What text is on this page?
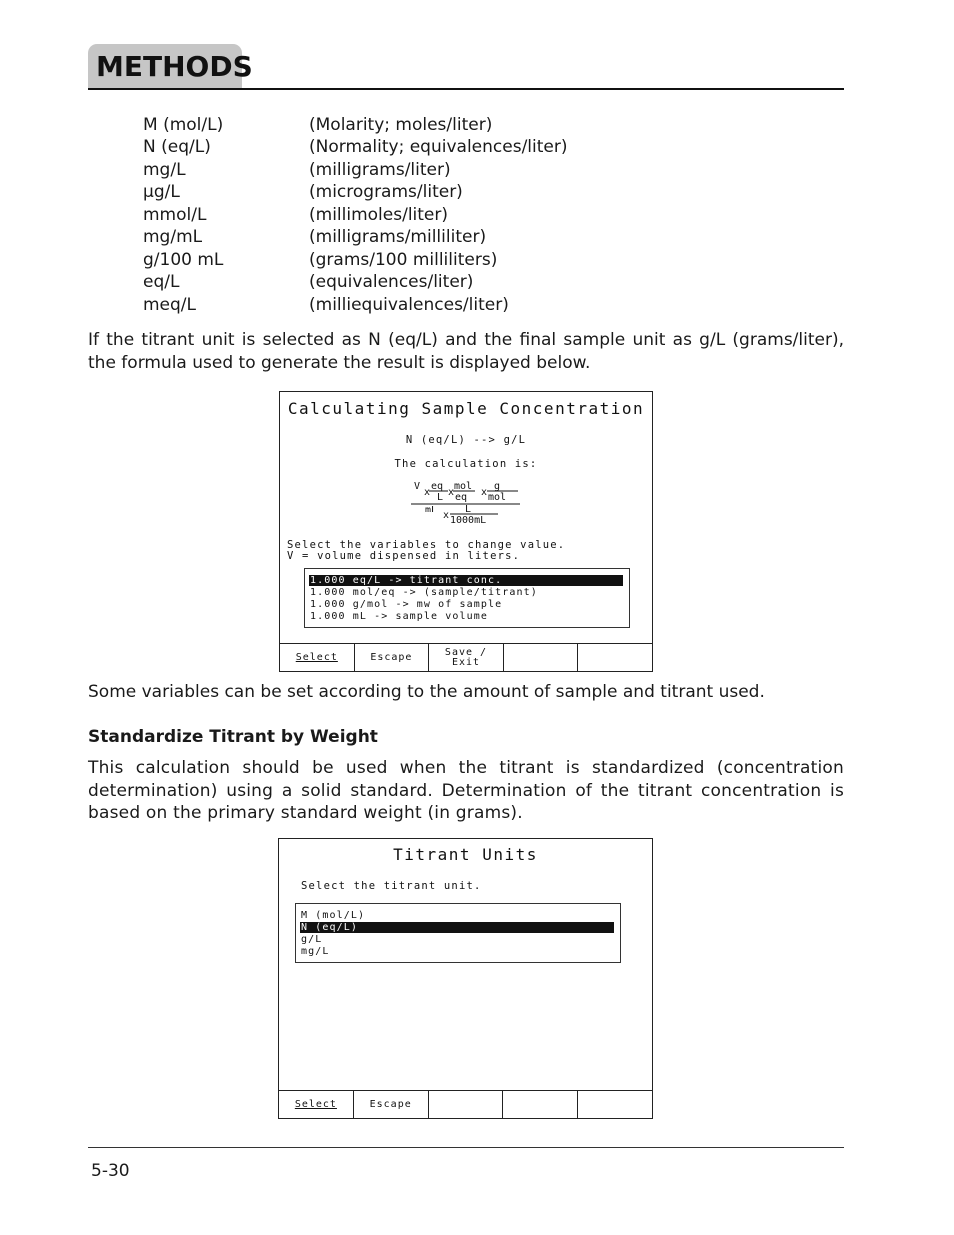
METHODS
M (mol/L)	(Molarity; moles/liter)
N (eq/L)	(Normality; equivalences/liter)
mg/L	(milligrams/liter)
µg/L	(micrograms/liter)
mmol/L	(millimoles/liter)
mg/mL	(milligrams/milliliter)
g/100 mL	(grams/100 milliliters)
eq/L	(equivalences/liter)
meq/L	(milliequivalences/liter)
If the titrant unit is selected as N (eq/L) and the final sample unit as g/L (grams/liter), the formula used to generate the result is displayed below.
Calculating Sample Concentration
N (eq/L) --> g/L
The calculation is:
V
x
eq
L x
mol
eq x
g
mol
mL x
L
1000mL
Select the variables to change value.
V = volume dispensed in liters.
1.000 eq/L -> titrant conc.
1.000 mol/eq -> (sample/titrant)
1.000 g/mol -> mw of sample
1.000 mL -> sample volume
Select	Escape	Save /
Exit
Some variables can be set according to the amount of sample and titrant used.
Standardize Titrant by Weight
This calculation should be used when the titrant is standardized (concentration determination) using a solid standard. Determination of the titrant concentration is based on the primary standard weight (in grams).
Titrant Units
Select the titrant unit.
M (mol/L)
N (eq/L)
g/L
mg/L
Select	Escape
5-30
